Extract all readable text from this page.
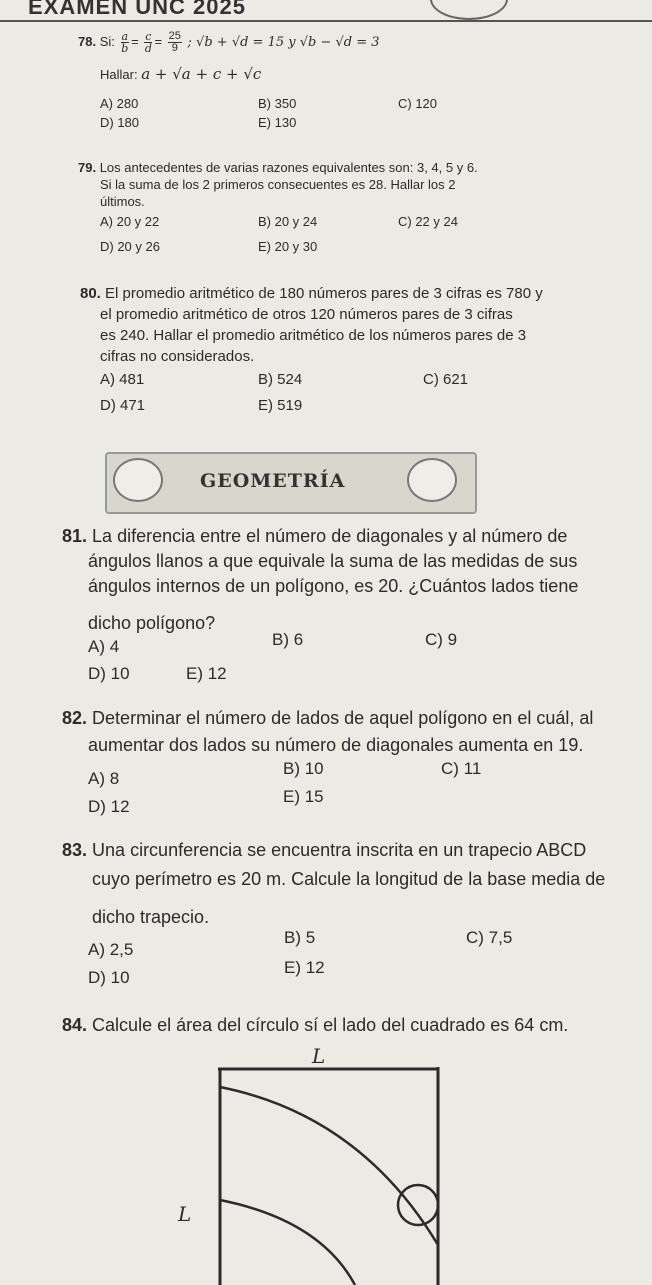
EXAMEN UNC 2025
78. Si: $\frac{a}{b} = \frac{c}{d} = \frac{25}{9}$ ; √b + √d = 15 y √b − √d = 3
Hallar: a + √a + c + √c
A) 280	B) 350	C) 120
D) 180	E) 130
79. Los antecedentes de varias razones equivalentes son: 3, 4, 5 y 6.
Si la suma de los 2 primeros consecuentes es 28. Hallar los 2
últimos.
A) 20 y 22	B) 20 y 24	C) 22 y 24
D) 20 y 26	E) 20 y 30
80. El promedio aritmético de 180 números pares de 3 cifras es 780 y
el promedio aritmético de otros 120 números pares de 3 cifras
es 240. Hallar el promedio aritmético de los números pares de 3
cifras no considerados.
A) 481	B) 524	C) 621
D) 471	E) 519
GEOMETRÍA
81. La diferencia entre el número de diagonales y al número de
ángulos llanos a que equivale la suma de las medidas de sus
ángulos internos de un polígono, es 20. ¿Cuántos lados tiene
dicho polígono?
A) 4	B) 6	C) 9
D) 10	E) 12
82. Determinar el número de lados de aquel polígono en el cuál, al
aumentar dos lados su número de diagonales aumenta en 19.
A) 8
B) 10	C) 11
D) 12
E) 15
83. Una circunferencia se encuentra inscrita en un trapecio ABCD
cuyo perímetro es 20 m. Calcule la longitud de la base media de
dicho trapecio.
A) 2,5
B) 5	C) 7,5
D) 10
E) 12
84. Calcule el área del círculo sí el lado del cuadrado es 64 cm.
L
L
